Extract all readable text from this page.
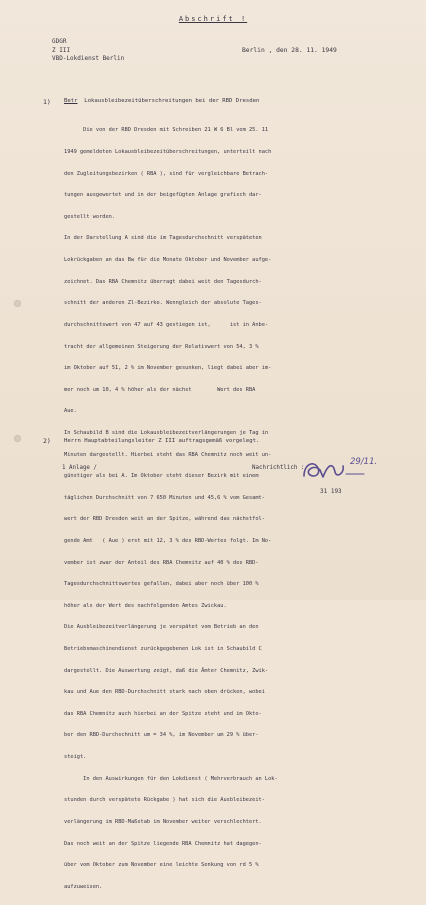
Abschrift !
GDGR
Z III
VBD-Lokdienst Berlin
Berlin , den 28. 11. 1949
1) Betr Lokausbleibezeitüberschreitungen bei der RBD Dresden

Die von der RBD Dresden mit Schreiben 21 W 6 Bl vom 25. 11

1949 gemeldeten Lokausbleibezeitüberschreitungen, unterteilt nach

den Zugleitungsbezirken ( RBA ), sind für vergleichbare Betrach-

tungen ausgewertet und in der beigefügten Anlage grafisch dar-

gestellt worden.

In der Darstellung A sind die im Tagesdurchschnitt verspäteten

Lokrückgaben an das Bw für die Monate Oktober und November aufge-

zeichnet. Das RBA Chemnitz überragt dabei weit den Tagesdurch-

schnitt der anderen Zl-Bezirke. Wenngleich der absolute Tages-

durchschnittswert von 47 auf 43 gestiegen ist,      ist in Anbe-

tracht der allgemeinen Steigerung der Relativwert von 54, 3 %

im Oktober auf 51, 2 % im November gesunken, liegt dabei aber im-

mer noch um 10, 4 % höher als der nächst        Wert des RBA

Aue.

In Schaubild B sind die Lokausbleibezeitverlängerungen je Tag in

Minuten dargestellt. Hierbei steht das RBA Chemnitz noch weit un-

günstiger als bei A. Im Oktober steht dieser Bezirk mit einem

täglichen Durchschnitt von 7 650 Minuten und 45,6 % vom Gesamt-

wert der RBD Dresden weit an der Spitze, während das nächstfol-

gende Amt   ( Aue ) erst mit 12, 3 % des RBD-Wertes folgt. Im No-

vember ist zwar der Anteil des RBA Chemnitz auf 40 % des RBD-

Tagesdurchschnittswertes gefallen, dabei aber noch über 100 %

höher als der Wert des nachfolgenden Amtes Zwickau.

Die Ausbleibezeitverlängerung je verspätet vom Betrieb an den

Betriebsmaschinendienst zurückgegebenen Lok ist in Schaubild C

dargestellt. Die Auswertung zeigt, daß die Ämter Chemnitz, Zwik-

kau und Aue den RBD-Durchschnitt stark nach oben drücken, wobei

das RBA Chemnitz auch hierbei an der Spitze steht und im Okto-

ber den RBD-Durchschnitt um = 34 %, im November um 29 % über-

steigt.

In den Auswirkungen für den Lokdienst ( Mehrverbrauch an Lok-

stunden durch verspätete Rückgabe ) hat sich die Ausbleibezeit-

verlängerung im RBD-Maßstab im November weiter verschlechtert.

Das noch weit an der Spitze liegende RBA Chemnitz hat dagegen-

über vom Oktober zum November eine leichte Senkung von rd 5 %

aufzuweisen.

2) Herrn Hauptabteilungsleiter Z III auftragsgemäß vorgelegt.
1 Anlage /	Nachrichtlich :
29/11.
31 193
